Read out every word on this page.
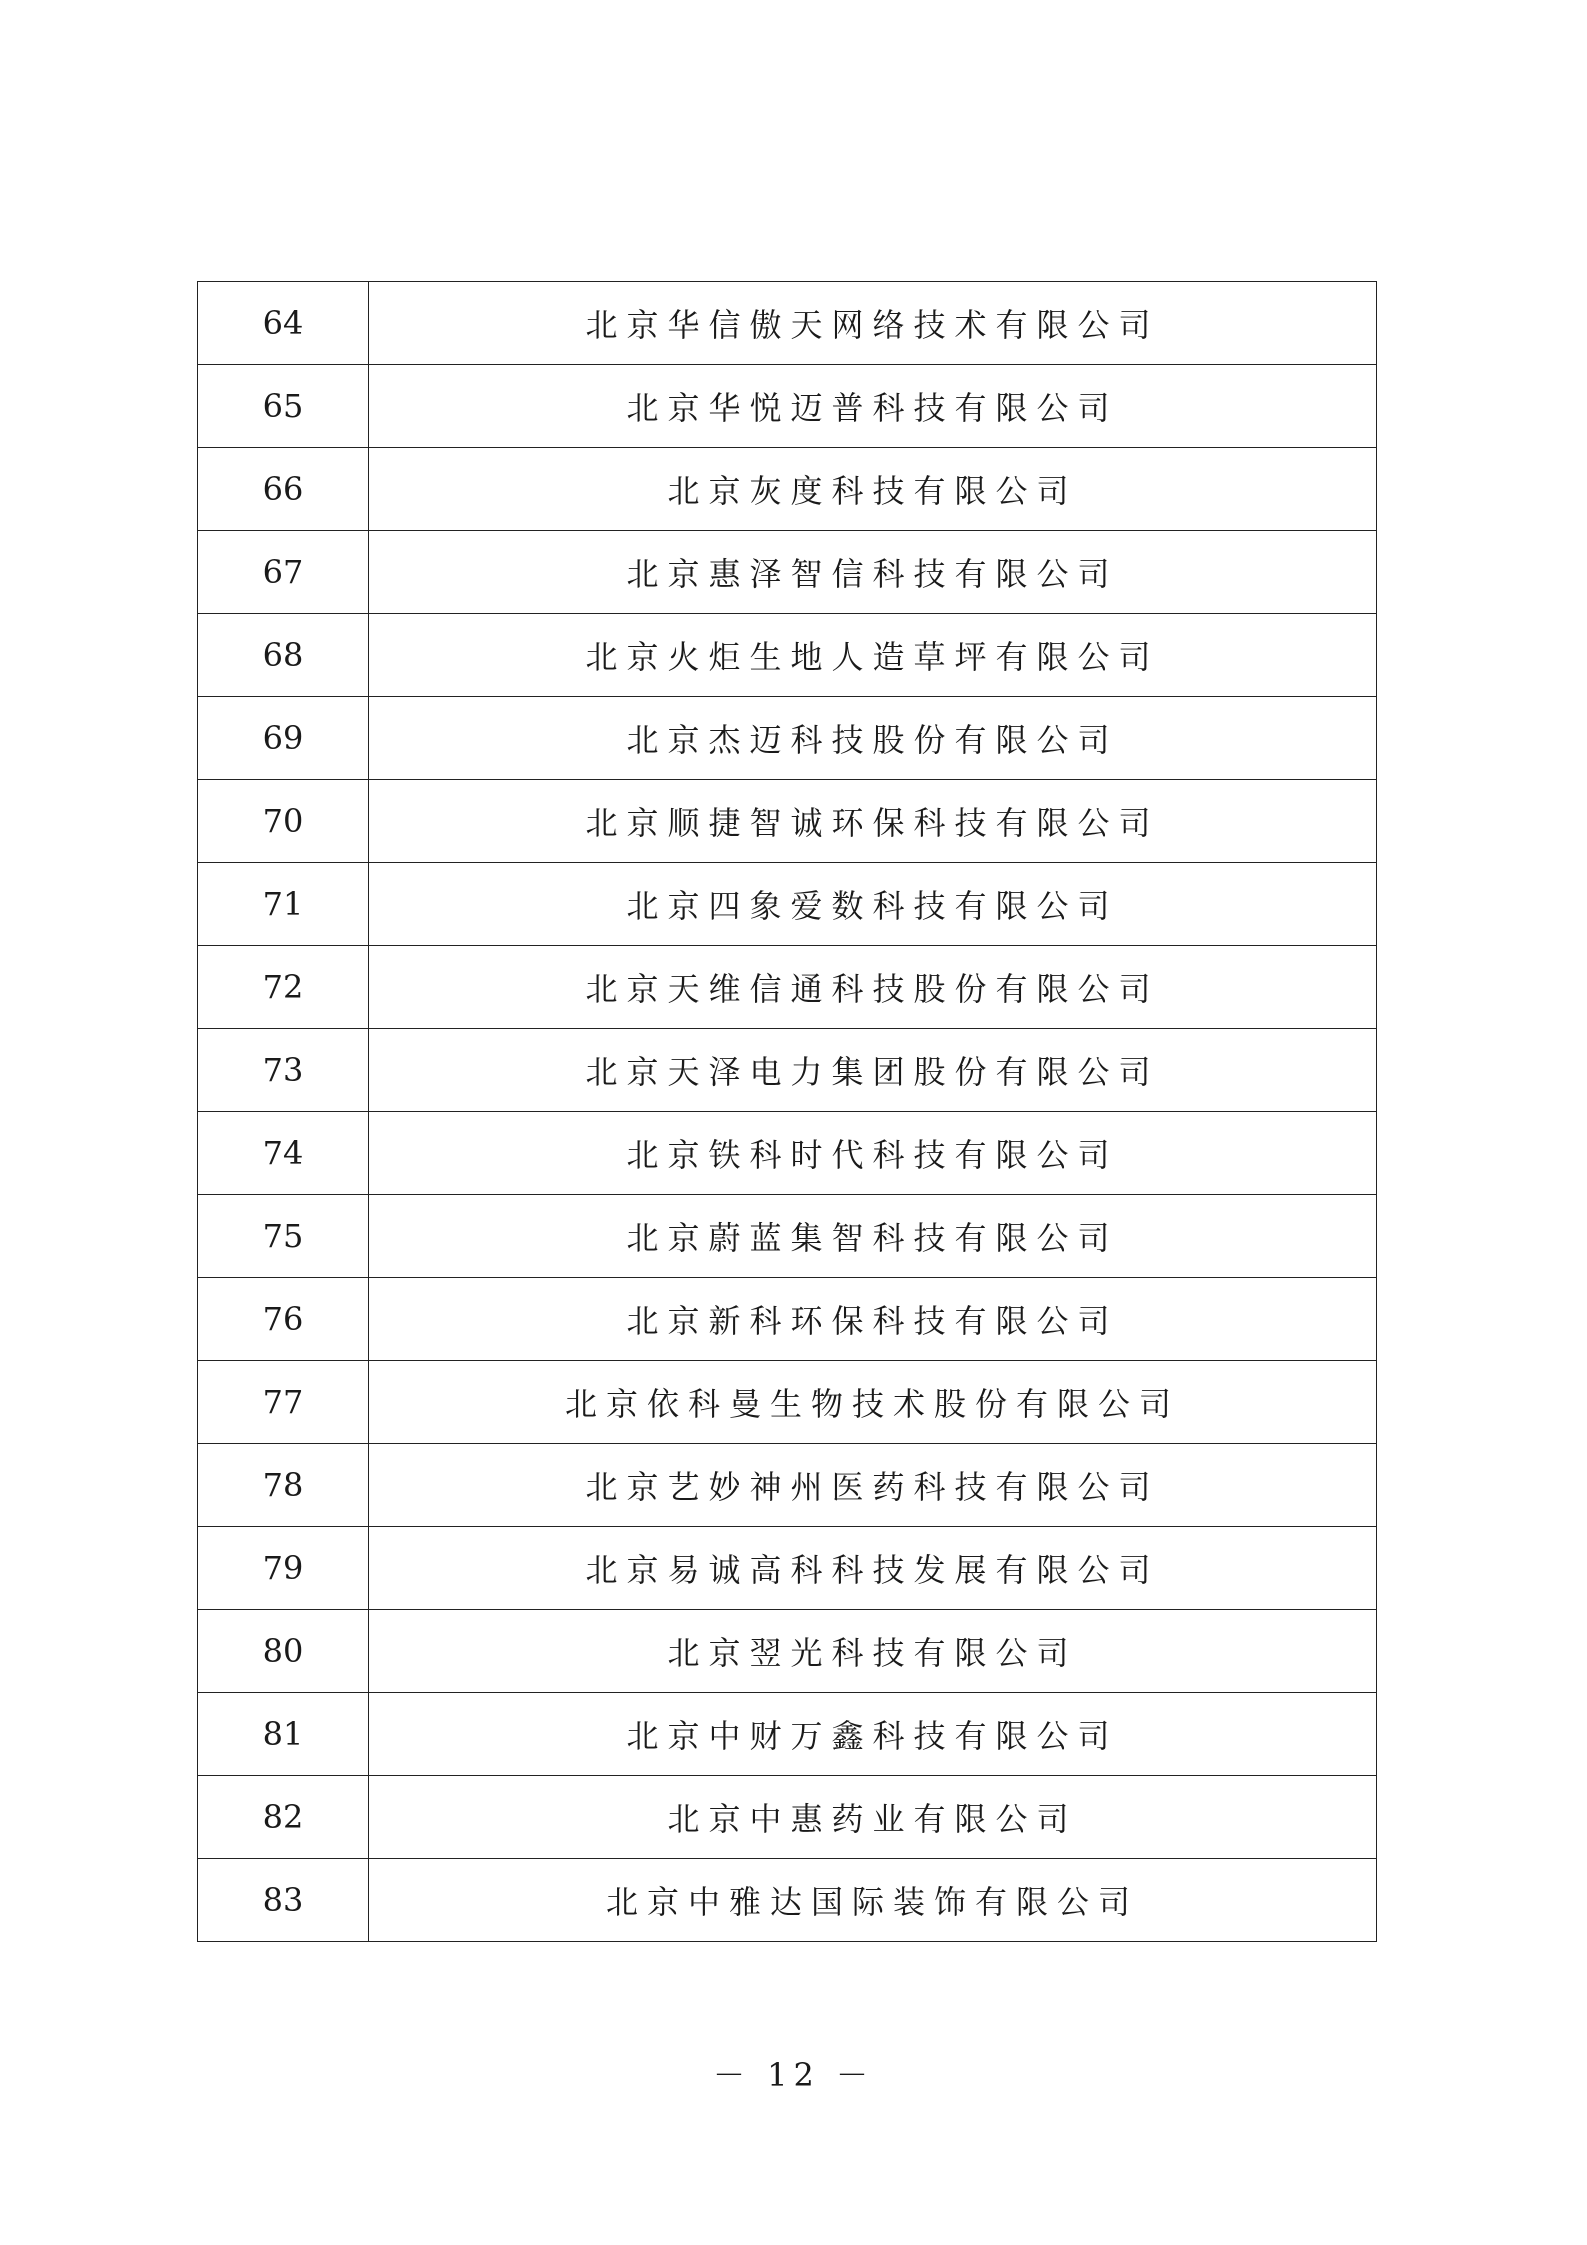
64	北京华信傲天网络技术有限公司
65	北京华悦迈普科技有限公司
66	北京灰度科技有限公司
67	北京惠泽智信科技有限公司
68	北京火炬生地人造草坪有限公司
69	北京杰迈科技股份有限公司
70	北京顺捷智诚环保科技有限公司
71	北京四象爱数科技有限公司
72	北京天维信通科技股份有限公司
73	北京天泽电力集团股份有限公司
74	北京铁科时代科技有限公司
75	北京蔚蓝集智科技有限公司
76	北京新科环保科技有限公司
77	北京依科曼生物技术股份有限公司
78	北京艺妙神州医药科技有限公司
79	北京易诚高科科技发展有限公司
80	北京翌光科技有限公司
81	北京中财万鑫科技有限公司
82	北京中惠药业有限公司
83	北京中雅达国际装饰有限公司
－ 12 －
